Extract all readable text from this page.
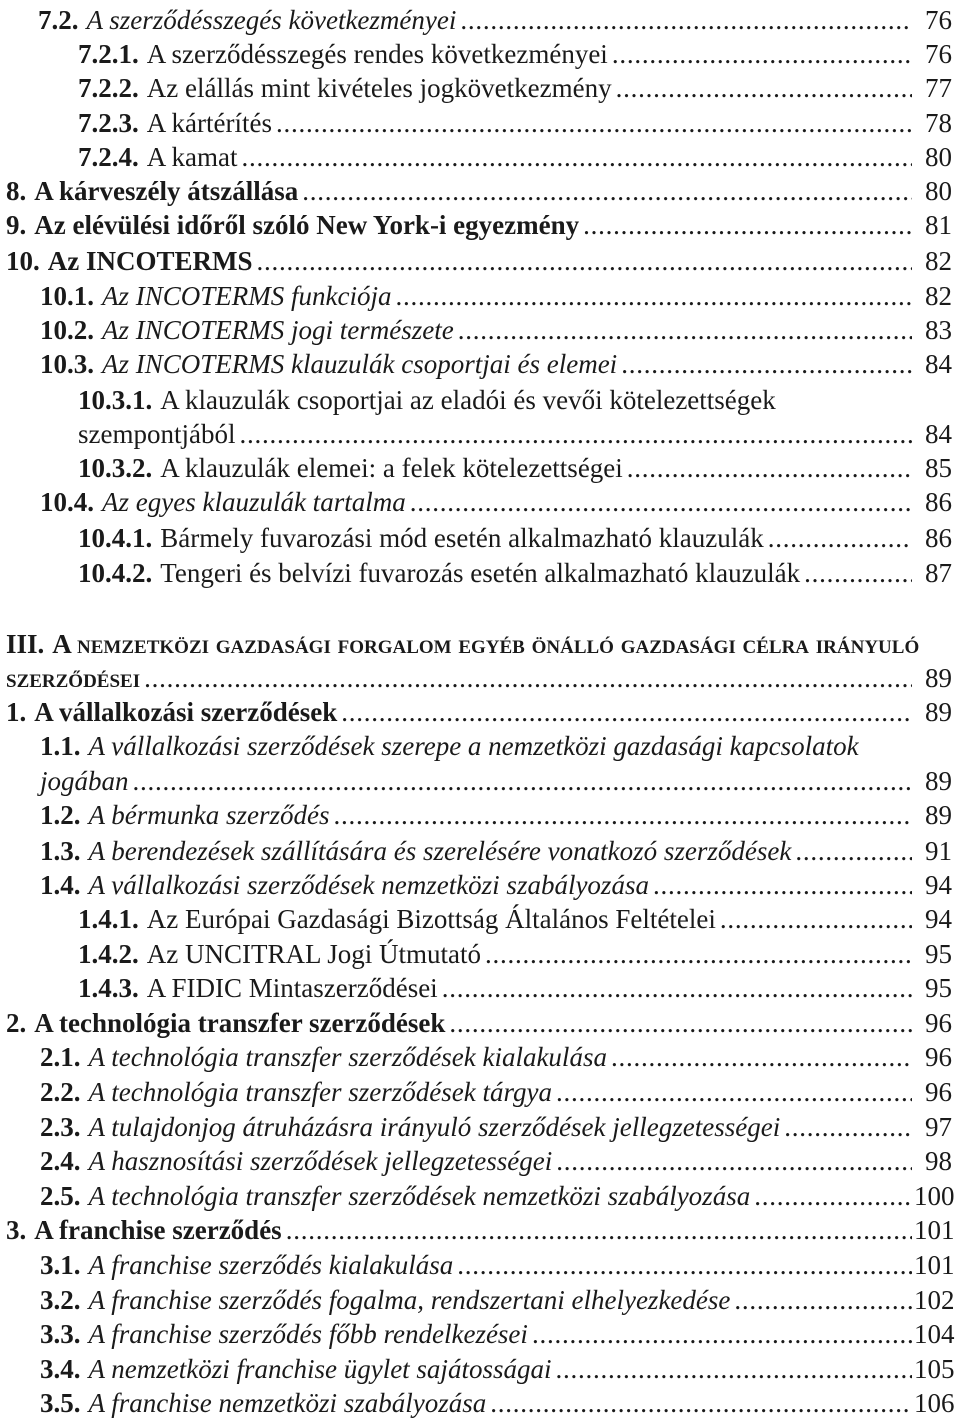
7.2. A szerződésszegés következményei . . .	76
7.2.1. A szerződésszegés rendes következményei . . .	76
7.2.2. Az elállás mint kivételes jogkövetkezmény . . .	77
7.2.3. A kártérítés . . .	78
7.2.4. A kamat . . .	80
8. A kárveszély átszállása . . .	80
9. Az elévülési időről szóló New York-i egyezmény . . .	81
10. Az INCOTERMS . . .	82
10.1. Az INCOTERMS funkciója . . .	82
10.2. Az INCOTERMS jogi természete . . .	83
10.3. Az INCOTERMS klauzulák csoportjai és elemei . . .	84
10.3.1. A klauzulák csoportjai az eladói és vevői kötelezettségek
szempontjából . . .	84
10.3.2. A klauzulák elemei: a felek kötelezettségei . . .	85
10.4. Az egyes klauzulák tartalma . . .	86
10.4.1. Bármely fuvarozási mód esetén alkalmazható klauzulák . . .	86
10.4.2. Tengeri és belvízi fuvarozás esetén alkalmazható klauzulák . . .	87
III. A nemzetközi gazdasági forgalom egyéb önálló gazdasági célra irányuló
szerződései . . .	89
1. A vállalkozási szerződések . . .	89
1.1. A vállalkozási szerződések szerepe a nemzetközi gazdasági kapcsolatok
jogában . . .	89
1.2. A bérmunka szerződés . . .	89
1.3. A berendezések szállítására és szerelésére vonatkozó szerződések . . .	91
1.4. A vállalkozási szerződések nemzetközi szabályozása . . .	94
1.4.1. Az Európai Gazdasági Bizottság Általános Feltételei . . .	94
1.4.2. Az UNCITRAL Jogi Útmutató . . .	95
1.4.3. A FIDIC Mintaszerződései . . .	95
2. A technológia transzfer szerződések . . .	96
2.1. A technológia transzfer szerződések kialakulása . . .	96
2.2. A technológia transzfer szerződések tárgya . . .	96
2.3. A tulajdonjog átruházásra irányuló szerződések jellegzetességei . . .	97
2.4. A hasznosítási szerződések jellegzetességei . . .	98
2.5. A technológia transzfer szerződések nemzetközi szabályozása . . .	100
3. A franchise szerződés . . .	101
3.1. A franchise szerződés kialakulása . . .	101
3.2. A franchise szerződés fogalma, rendszertani elhelyezkedése . . .	102
3.3. A franchise szerződés főbb rendelkezései . . .	104
3.4. A nemzetközi franchise ügylet sajátosságai . . .	105
3.5. A franchise nemzetközi szabályozása . . .	106
